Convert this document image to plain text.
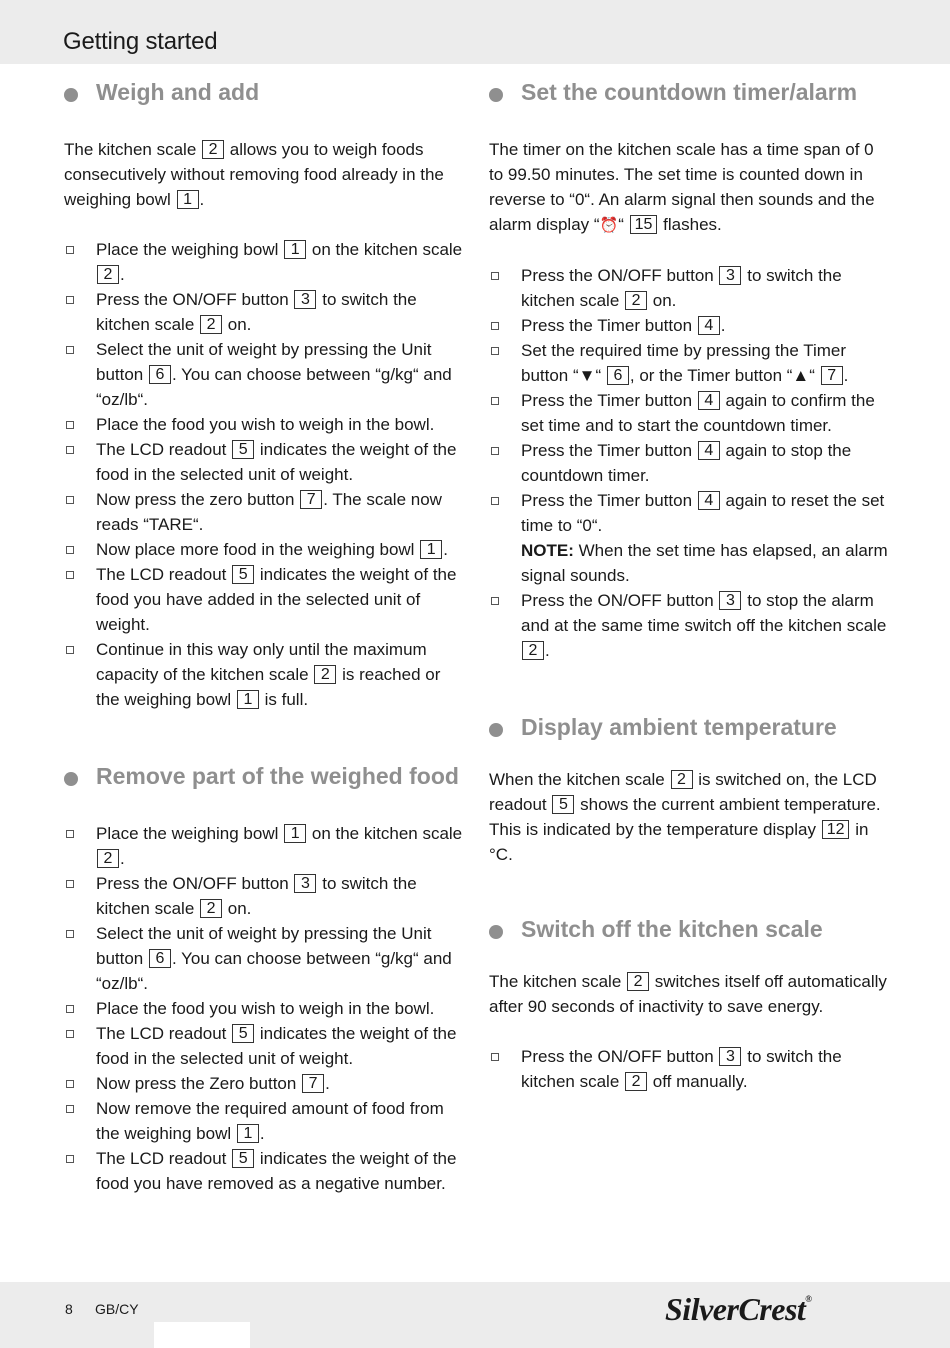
Getting started
Weigh and add

The kitchen scale 2 allows you to weigh foods consecutively without removing food already in the weighing bowl 1 .

Place the weighing bowl 1 on the kitchen scale 2 .
Press the ON/OFF button 3 to switch the kitchen scale 2 on.
Select the unit of weight by pressing the Unit button 6 . You can choose between “g/kg“ and “oz/lb“.
Place the food you wish to weigh in the bowl.
The LCD readout 5 indicates the weight of the food in the selected unit of weight.
Now press the zero button 7 . The scale now reads “TARE“.
Now place more food in the weighing bowl 1 .
The LCD readout 5 indicates the weight of the food you have added in the selected unit of weight.
Continue in this way only until the maximum capacity of the kitchen scale 2 is reached or the weighing bowl 1 is full.
Remove part of the weighed food
Place the weighing bowl 1 on the kitchen scale 2 .
Press the ON/OFF button 3 to switch the kitchen scale 2 on.
Select the unit of weight by pressing the Unit button 6 . You can choose between “g/kg“ and “oz/lb“.
Place the food you wish to weigh in the bowl.
The LCD readout 5 indicates the weight of the food in the selected unit of weight.
Now press the Zero button 7 .
Now remove the required amount of food from the weighing bowl 1 .
The LCD readout 5 indicates the weight of the food you have removed as a negative number.
Set the countdown timer/alarm

The timer on the kitchen scale has a time span of 0 to 99.50 minutes. The set time is counted down in reverse to “0“. An alarm signal then sounds and the alarm display “⏰“ 15 flashes.

Press the ON/OFF button 3 to switch the kitchen scale 2 on.
Press the Timer button 4 .
Set the required time by pressing the Timer button “▼“ 6 , or the Timer button “▲“ 7 .
Press the Timer button 4 again to confirm the set time and to start the countdown timer.
Press the Timer button 4 again to stop the countdown timer.
Press the Timer button 4 again to reset the set time to “0“.
NOTE: When the set time has elapsed, an alarm signal sounds.
Press the ON/OFF button 3 to stop the alarm and at the same time switch off the kitchen scale 2 .
Display ambient temperature

When the kitchen scale 2 is switched on, the LCD readout 5 shows the current ambient temperature. This is indicated by the temperature display 12 in °C.

Switch off the kitchen scale

The kitchen scale 2 switches itself off automatically after 90 seconds of inactivity to save energy.

Press the ON/OFF button 3 to switch the kitchen scale 2 off manually.
8 GB/CY	SilverCrest®
